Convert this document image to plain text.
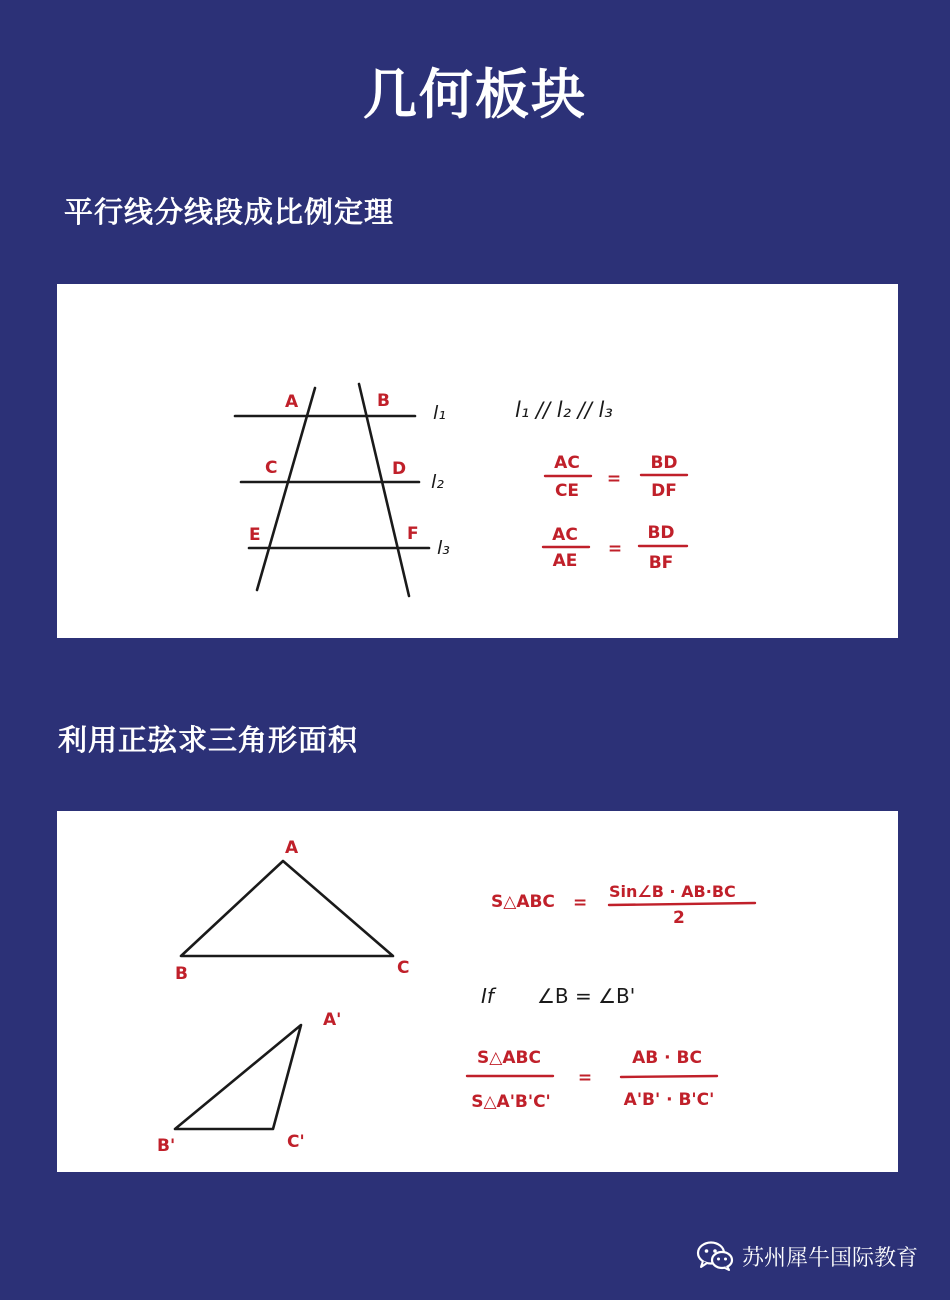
几何板块
平行线分线段成比例定理
A	B
C	D
E	F
l₁
l₂
l₃
l₁ // l₂ // l₃
AC
CE
=
BD
DF
AC
AE
=
BD
BF
利用正弦求三角形面积
A
B	C
A'
B'	C'
S△ABC =
Sin∠B · AB·BC
2
If ∠B = ∠B'
S△ABC
S△A'B'C'
=
AB · BC
A'B' · B'C'
苏州犀牛国际教育
